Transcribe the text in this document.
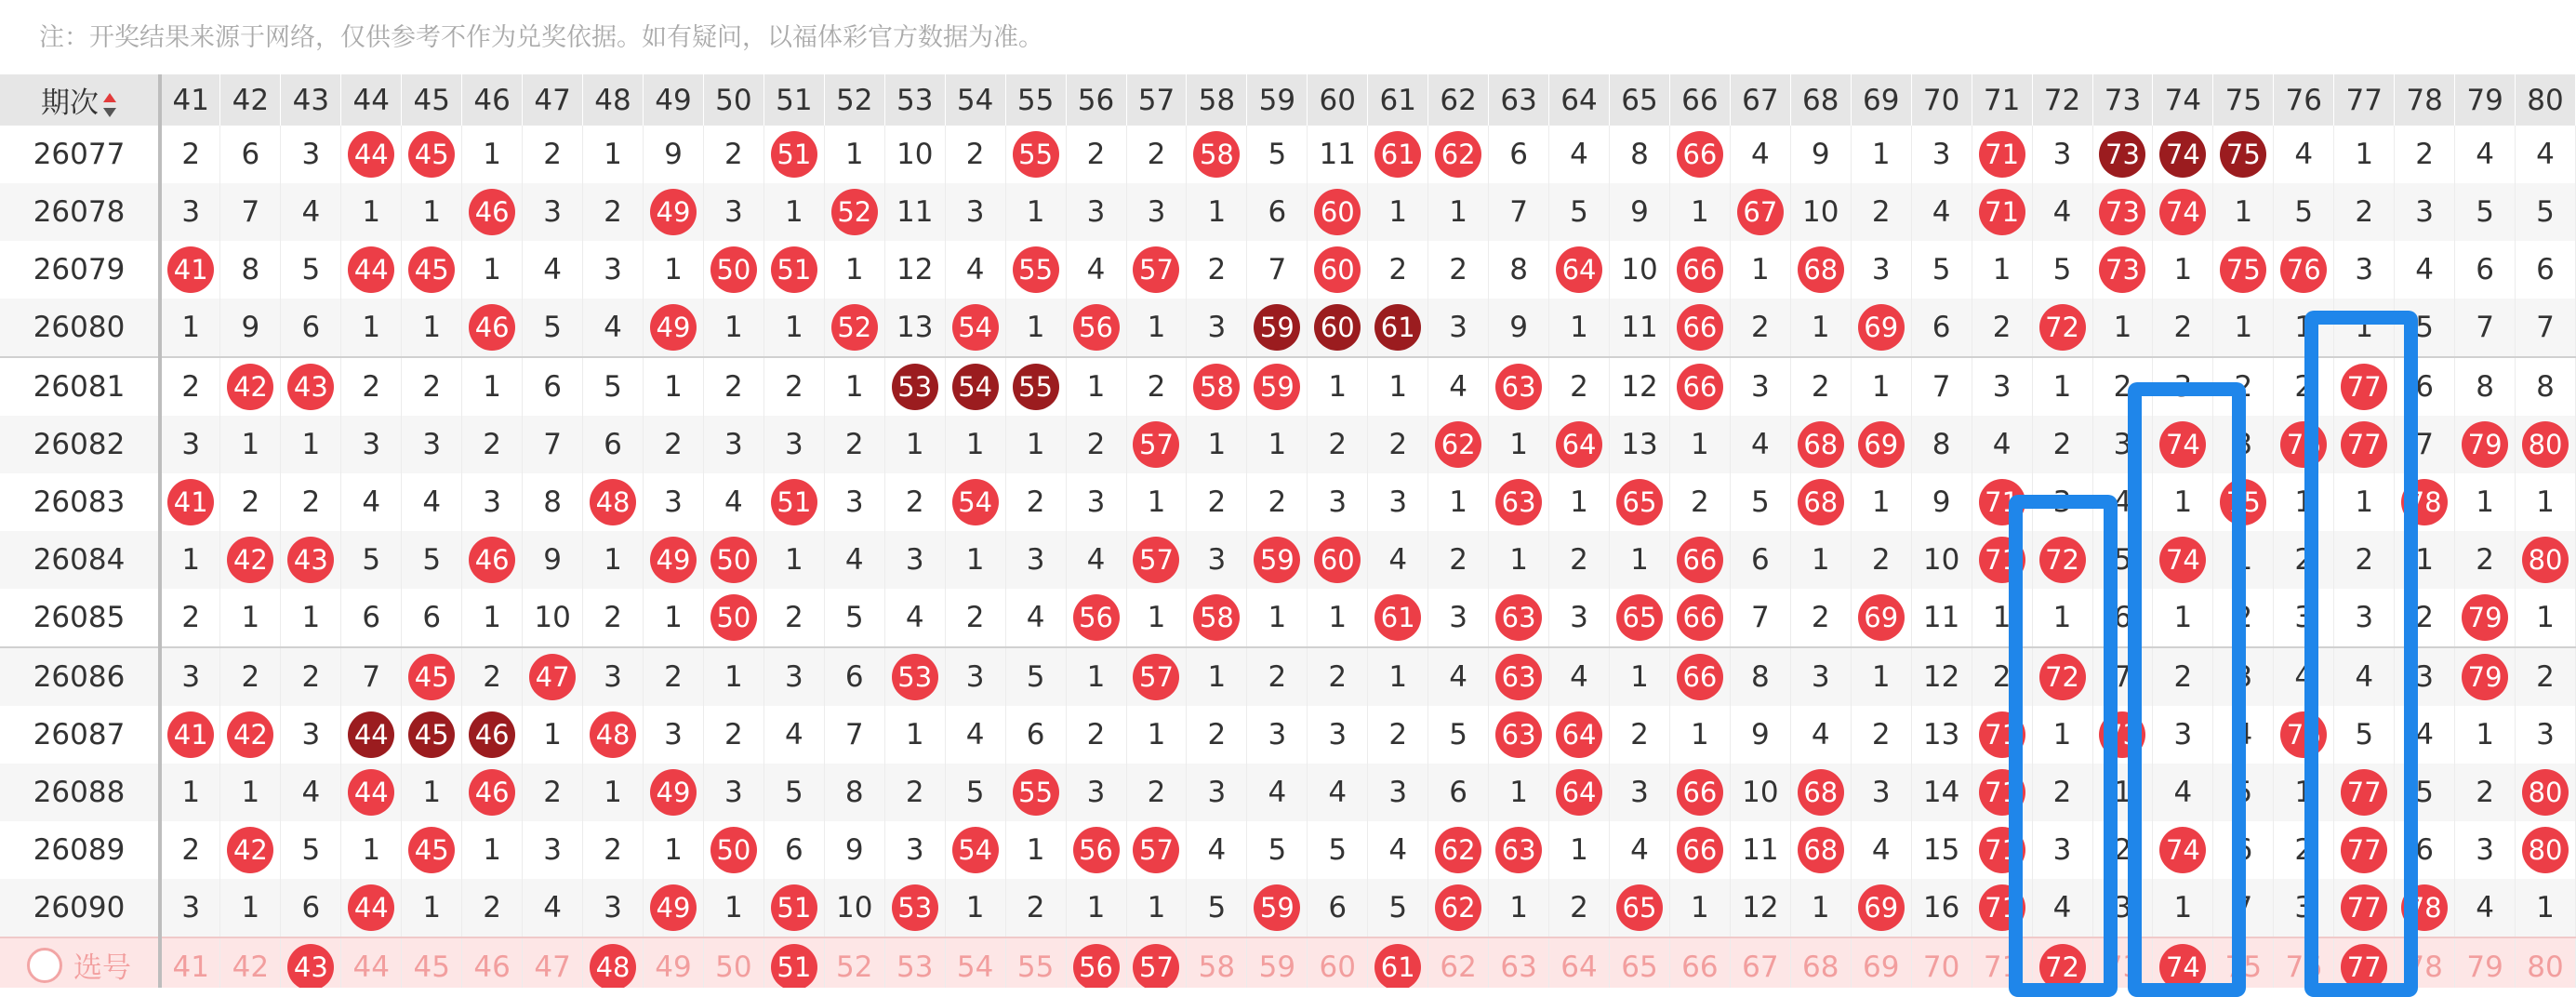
注：开奖结果来源于网络，仅供参考不作为兑奖依据。如有疑问，以福体彩官方数据为准。
期次	41	42	43	44	45	46	47	48	49	50	51	52	53	54	55	56	57	58	59	60	61	62	63	64	65	66	67	68	69	70	71	72	73	74	75	76	77	78	79	80
26077	2	6	3	44	45	1	2	1	9	2	51	1	10	2	55	2	2	58	5	11	61	62	6	4	8	66	4	9	1	3	71	3	73	74	75	4	1	2	4	4
26078	3	7	4	1	1	46	3	2	49	3	1	52	11	3	1	3	3	1	6	60	1	1	7	5	9	1	67	10	2	4	71	4	73	74	1	5	2	3	5	5
26079	41	8	5	44	45	1	4	3	1	50	51	1	12	4	55	4	57	2	7	60	2	2	8	64	10	66	1	68	3	5	1	5	73	1	75	76	3	4	6	6
26080	1	9	6	1	1	46	5	4	49	1	1	52	13	54	1	56	1	3	59	60	61	3	9	1	11	66	2	1	69	6	2	72	1	2	1	1	1	5	7	7
26081	2	42	43	2	2	1	6	5	1	2	2	1	53	54	55	1	2	58	59	1	1	4	63	2	12	66	3	2	1	7	3	1	2	3	2	2	77	6	8	8
26082	3	1	1	3	3	2	7	6	2	3	3	2	1	1	1	2	57	1	1	2	2	62	1	64	13	1	4	68	69	8	4	2	3	74	3	76	77	7	79	80
26083	41	2	2	4	4	3	8	48	3	4	51	3	2	54	2	3	1	2	2	3	3	1	63	1	65	2	5	68	1	9	71	3	4	1	75	1	1	78	1	1
26084	1	42	43	5	5	46	9	1	49	50	1	4	3	1	3	4	57	3	59	60	4	2	1	2	1	66	6	1	2	10	71	72	5	74	1	2	2	1	2	80
26085	2	1	1	6	6	1	10	2	1	50	2	5	4	2	4	56	1	58	1	1	61	3	63	3	65	66	7	2	69	11	1	1	6	1	2	3	3	2	79	1
26086	3	2	2	7	45	2	47	3	2	1	3	6	53	3	5	1	57	1	2	2	1	4	63	4	1	66	8	3	1	12	2	72	7	2	3	4	4	3	79	2
26087	41	42	3	44	45	46	1	48	3	2	4	7	1	4	6	2	1	2	3	3	2	5	63	64	2	1	9	4	2	13	71	1	73	3	4	76	5	4	1	3
26088	1	1	4	44	1	46	2	1	49	3	5	8	2	5	55	3	2	3	4	4	3	6	1	64	3	66	10	68	3	14	71	2	1	4	5	1	77	5	2	80
26089	2	42	5	1	45	1	3	2	1	50	6	9	3	54	1	56	57	4	5	5	4	62	63	1	4	66	11	68	4	15	71	3	2	74	6	2	77	6	3	80
26090	3	1	6	44	1	2	4	3	49	1	51	10	53	1	2	1	1	5	59	6	5	62	1	2	65	1	12	1	69	16	71	4	3	1	7	3	77	78	4	1

选号	41	42	43	44	45	46	47	48	49	50	51	52	53	54	55	56	57	58	59	60	61	62	63	64	65	66	67	68	69	70	71	72	73	74	75	76	77	78	79	80
